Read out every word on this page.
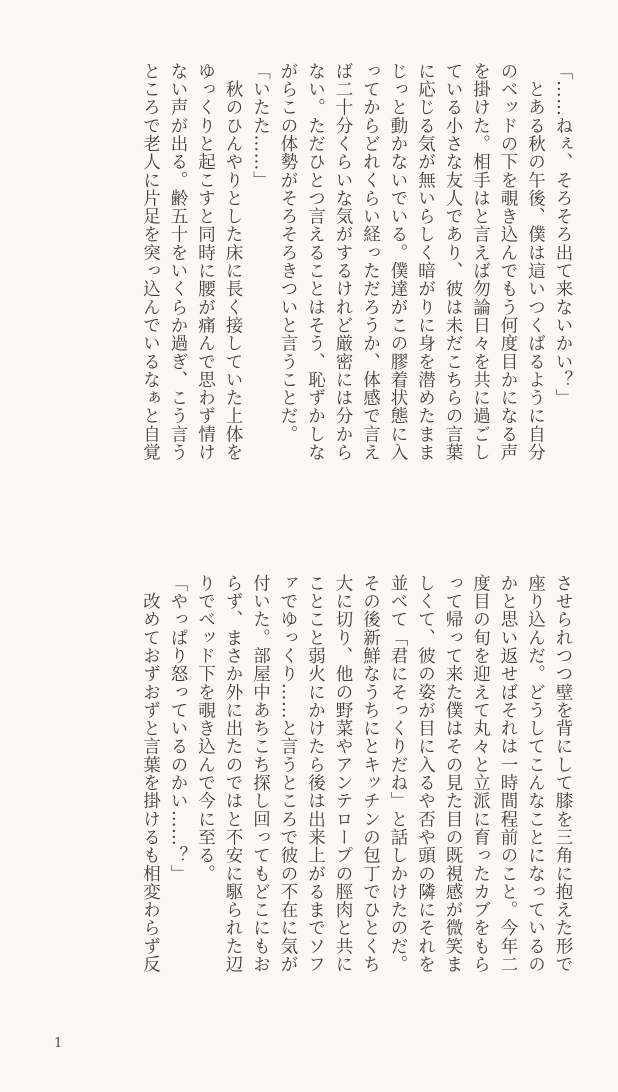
「……ねぇ、そろそろ出て来ないかい？」
　とある秋の午後、僕は這いつくばるように自分
のベッドの下を覗き込んでもう何度目かになる声
を掛けた。相手はと言えば勿論日々を共に過ごし
ている小さな友人であり、彼は未だこちらの言葉
に応じる気が無いらしく暗がりに身を潜めたまま
じっと動かないでいる。僕達がこの膠着状態に入
ってからどれくらい経っただろうか、体感で言え
ば二十分くらいな気がするけれど厳密には分から
ない。ただひとつ言えることはそう、恥ずかしな
がらこの体勢がそろそろきついと言うことだ。
「いたた……」
　秋のひんやりとした床に長く接していた上体を
ゆっくりと起こすと同時に腰が痛んで思わず情け
ない声が出る。齢五十をいくらか過ぎ、こう言う
ところで老人に片足を突っ込んでいるなぁと自覚
させられつつ壁を背にして膝を三角に抱えた形で
座り込んだ。どうしてこんなことになっているの
かと思い返せばそれは一時間程前のこと。今年二
度目の旬を迎えて丸々と立派に育ったカブをもら
って帰って来た僕はその見た目の既視感が微笑ま
しくて、彼の姿が目に入るや否や頭の隣にそれを
並べて「君にそっくりだね」と話しかけたのだ。
その後新鮮なうちにとキッチンの包丁でひとくち
大に切り、他の野菜やアンテロープの脛肉と共に
ことこと弱火にかけたら後は出来上がるまでソフ
ァでゆっくり……と言うところで彼の不在に気が
付いた。部屋中あちこち探し回ってもどこにもお
らず、まさか外に出たのではと不安に駆られた辺
りでベッド下を覗き込んで今に至る。
「やっぱり怒っているのかい……？」
　改めておずおずと言葉を掛けるも相変わらず反
1
